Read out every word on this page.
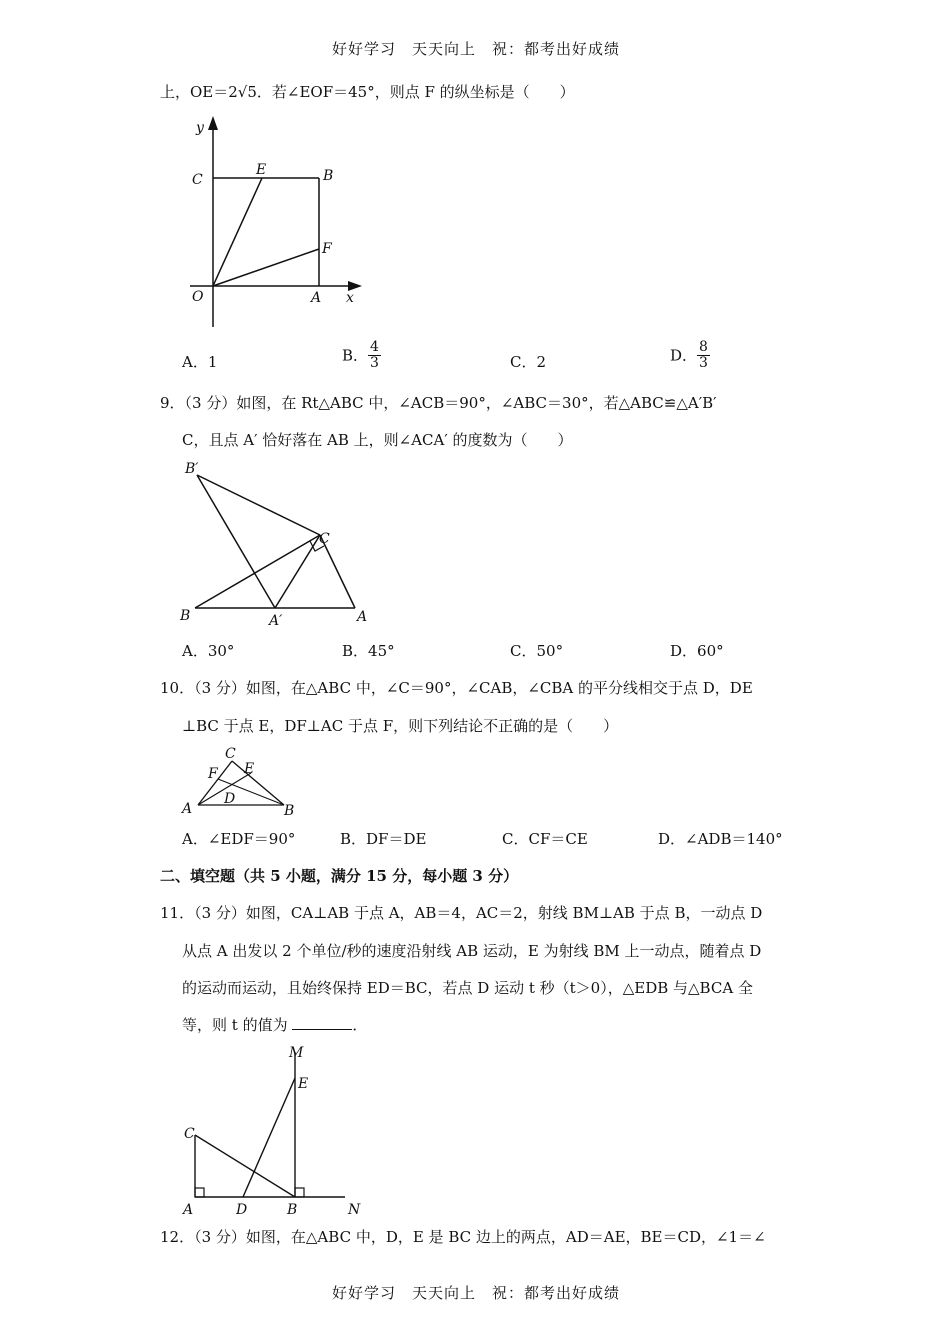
好好学习　天天向上　祝：都考出好成绩
上，OE＝2√5．若∠EOF＝45°，则点 F 的纵坐标是（　　）
y
C
E	B
F
O	A x
A．1	B． $\frac{4}{3}$	C．2	D． $\frac{8}{3}$
9．（3 分）如图，在 Rt△ABC 中，∠ACB＝90°，∠ABC＝30°，若△ABC≌△A′B′
C，且点 A′ 恰好落在 AB 上，则∠ACA′ 的度数为（　　）
B′
C
B	A′	A
A．30°	B．45°	C．50°	D．60°
10．（3 分）如图，在△ABC 中，∠C＝90°，∠CAB，∠CBA 的平分线相交于点 D，DE
⊥BC 于点 E，DF⊥AC 于点 F，则下列结论不正确的是（　　）
C
F E
D
A	B
A．∠EDF＝90°	B．DF＝DE	C．CF＝CE	D．∠ADB＝140°
二、填空题（共 5 小题，满分 15 分，每小题 3 分）
11．（3 分）如图，CA⊥AB 于点 A，AB＝4，AC＝2，射线 BM⊥AB 于点 B，一动点 D
从点 A 出发以 2 个单位/秒的速度沿射线 AB 运动，E 为射线 BM 上一动点，随着点 D
的运动而运动，且始终保持 ED＝BC，若点 D 运动 t 秒（t＞0），△EDB 与△BCA 全
等，则 t 的值为	．
M
E
C
A	D	B	N
12．（3 分）如图，在△ABC 中，D，E 是 BC 边上的两点，AD＝AE，BE＝CD，∠1＝∠
好好学习　天天向上　祝：都考出好成绩
